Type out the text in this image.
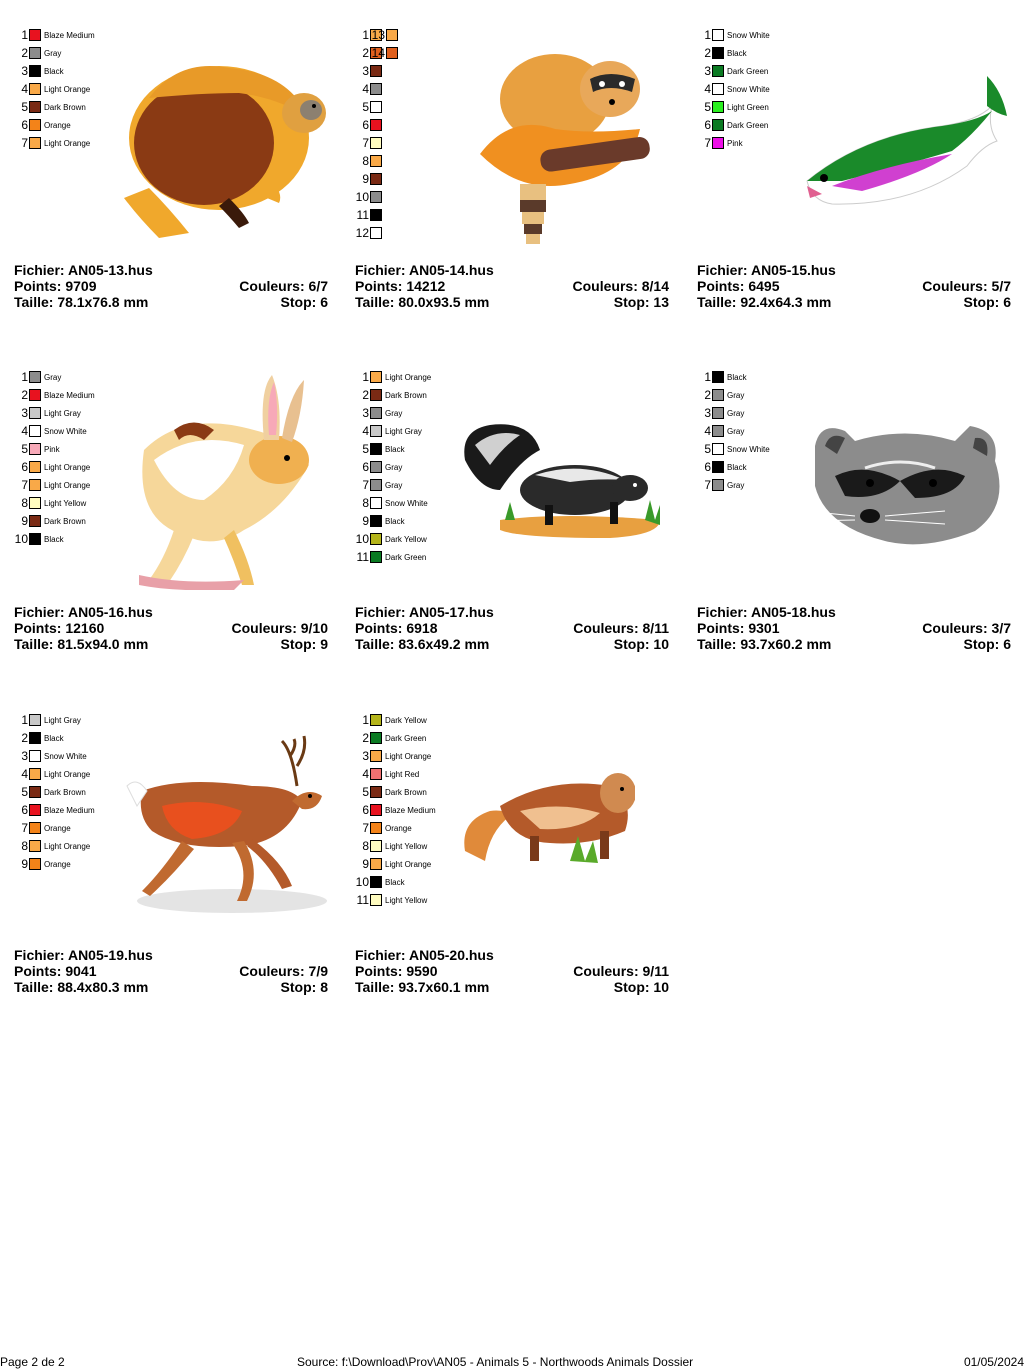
1 Blaze Medium
2 Gray
3 Black
4 Light Orange
5 Dark Brown
6 Orange
7 Light Orange
Fichier: AN05-13.hus
Points: 9709	Couleurs: 6/7
Taille: 78.1x76.8 mm	Stop: 6
1
2
3
4
5
6
7
8
9
10
11
12
13
14
Fichier: AN05-14.hus
Points: 14212	Couleurs: 8/14
Taille: 80.0x93.5 mm	Stop: 13
1 Snow White
2 Black
3 Dark Green
4 Snow White
5 Light Green
6 Dark Green
7 Pink
Fichier: AN05-15.hus
Points: 6495	Couleurs: 5/7
Taille: 92.4x64.3 mm	Stop: 6
1 Gray
2 Blaze Medium
3 Light Gray
4 Snow White
5 Pink
6 Light Orange
7 Light Orange
8 Light Yellow
9 Dark Brown
10 Black
Fichier: AN05-16.hus
Points: 12160	Couleurs: 9/10
Taille: 81.5x94.0 mm	Stop: 9
1 Light Orange
2 Dark Brown
3 Gray
4 Light Gray
5 Black
6 Gray
7 Gray
8 Snow White
9 Black
10 Dark Yellow
11 Dark Green
Fichier: AN05-17.hus
Points: 6918	Couleurs: 8/11
Taille: 83.6x49.2 mm	Stop: 10
1 Black
2 Gray
3 Gray
4 Gray
5 Snow White
6 Black
7 Gray
Fichier: AN05-18.hus
Points: 9301	Couleurs: 3/7
Taille: 93.7x60.2 mm	Stop: 6
1 Light Gray
2 Black
3 Snow White
4 Light Orange
5 Dark Brown
6 Blaze Medium
7 Orange
8 Light Orange
9 Orange
Fichier: AN05-19.hus
Points: 9041	Couleurs: 7/9
Taille: 88.4x80.3 mm	Stop: 8
1 Dark Yellow
2 Dark Green
3 Light Orange
4 Light Red
5 Dark Brown
6 Blaze Medium
7 Orange
8 Light Yellow
9 Light Orange
10 Black
11 Light Yellow
Fichier: AN05-20.hus
Points: 9590	Couleurs: 9/11
Taille: 93.7x60.1 mm	Stop: 10
Page 2 de 2	Source: f:\Download\Prov\AN05 - Animals 5 - Northwoods Animals Dossier	01/05/2024
